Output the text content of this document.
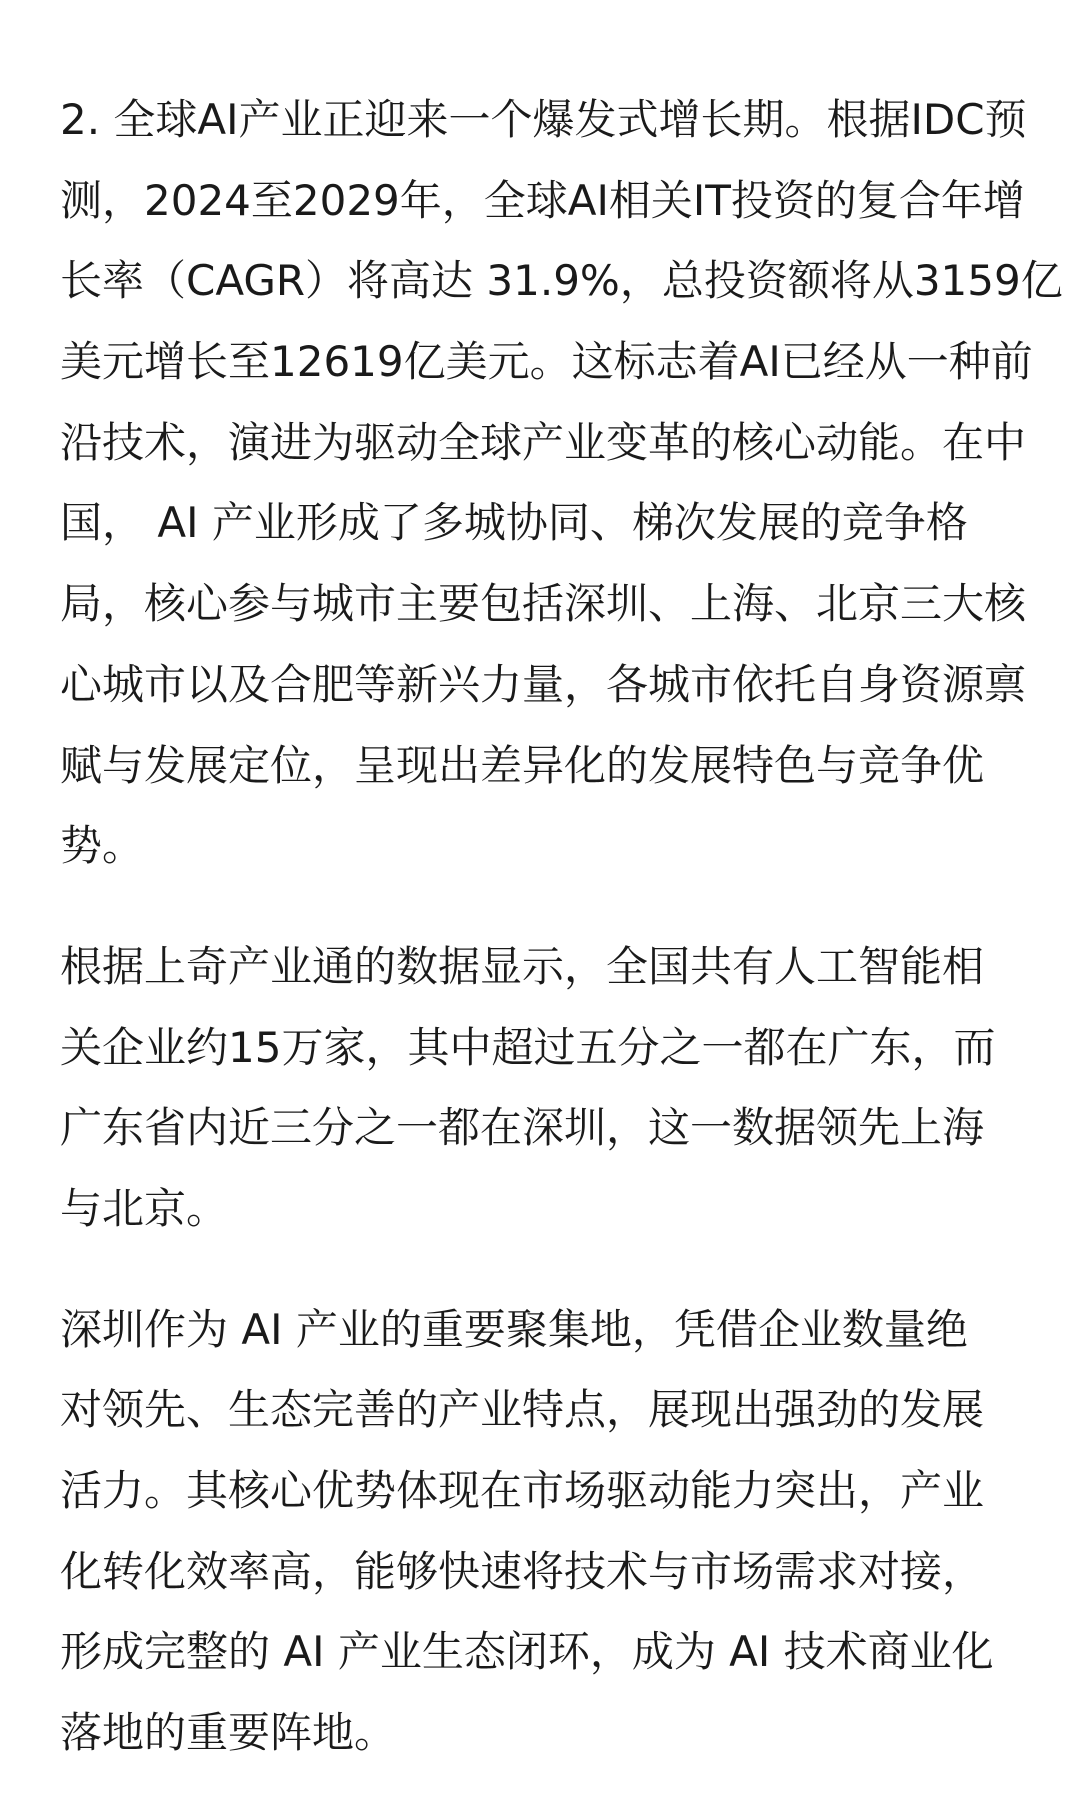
2. 全球AI产业正迎来一个爆发式增长期。根据IDC预
测，2024至2029年，全球AI相关IT投资的复合年增
长率（CAGR）将高达 31.9%，总投资额将从3159亿
美元增长至12619亿美元。这标志着AI已经从一种前
沿技术，演进为驱动全球产业变革的核心动能。在中
国， AI 产业形成了多城协同、梯次发展的竞争格
局，核心参与城市主要包括深圳、上海、北京三大核
心城市以及合肥等新兴力量，各城市依托自身资源禀
赋与发展定位，呈现出差异化的发展特色与竞争优
势。

根据上奇产业通的数据显示，全国共有人工智能相
关企业约15万家，其中超过五分之一都在广东，而
广东省内近三分之一都在深圳，这一数据领先上海
与北京。

深圳作为 AI 产业的重要聚集地，凭借企业数量绝
对领先、生态完善的产业特点，展现出强劲的发展
活力。其核心优势体现在市场驱动能力突出，产业
化转化效率高，能够快速将技术与市场需求对接，
形成完整的 AI 产业生态闭环，成为 AI 技术商业化
落地的重要阵地。
